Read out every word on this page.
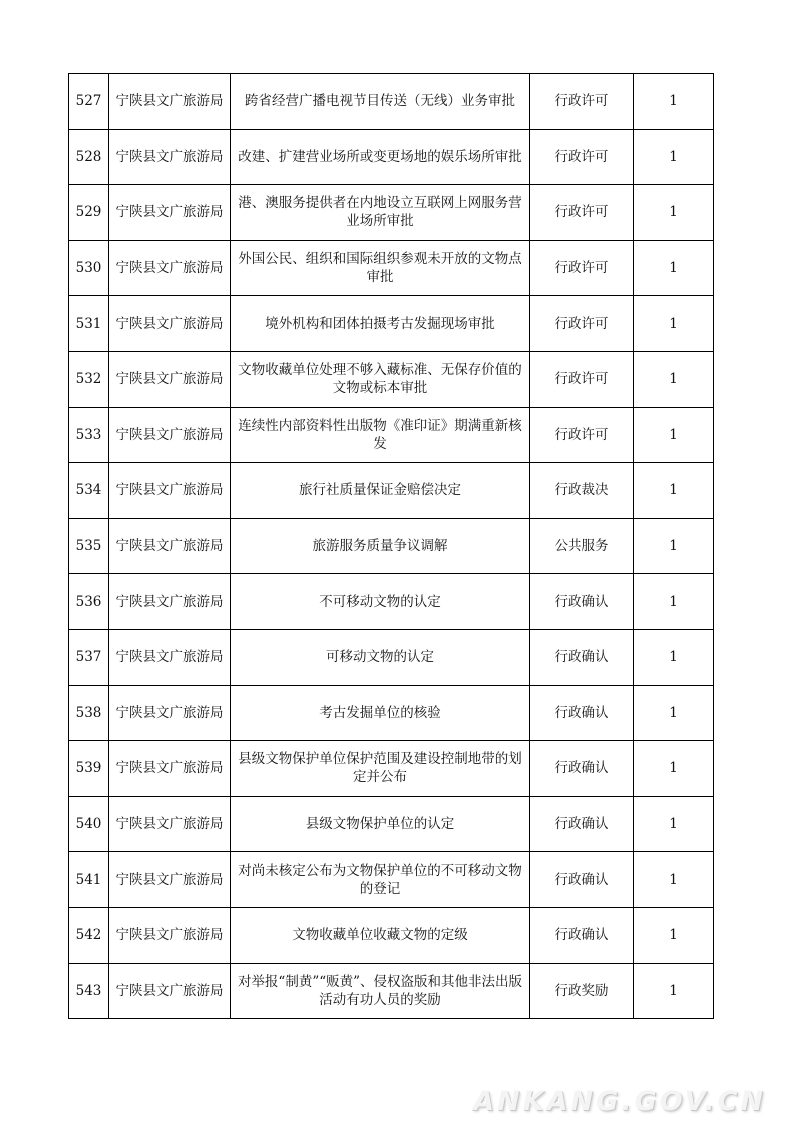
527	宁陕县文广旅游局	跨省经营广播电视节目传送（无线）业务审批	行政许可	1
528	宁陕县文广旅游局	改建、扩建营业场所或变更场地的娱乐场所审批	行政许可	1
529	宁陕县文广旅游局	港、澳服务提供者在内地设立互联网上网服务营业场所审批	行政许可	1
530	宁陕县文广旅游局	外国公民、组织和国际组织参观未开放的文物点审批	行政许可	1
531	宁陕县文广旅游局	境外机构和团体拍摄考古发掘现场审批	行政许可	1
532	宁陕县文广旅游局	文物收藏单位处理不够入藏标准、无保存价值的文物或标本审批	行政许可	1
533	宁陕县文广旅游局	连续性内部资料性出版物《准印证》期满重新核发	行政许可	1
534	宁陕县文广旅游局	旅行社质量保证金赔偿决定	行政裁决	1
535	宁陕县文广旅游局	旅游服务质量争议调解	公共服务	1
536	宁陕县文广旅游局	不可移动文物的认定	行政确认	1
537	宁陕县文广旅游局	可移动文物的认定	行政确认	1
538	宁陕县文广旅游局	考古发掘单位的核验	行政确认	1
539	宁陕县文广旅游局	县级文物保护单位保护范围及建设控制地带的划定并公布	行政确认	1
540	宁陕县文广旅游局	县级文物保护单位的认定	行政确认	1
541	宁陕县文广旅游局	对尚未核定公布为文物保护单位的不可移动文物的登记	行政确认	1
542	宁陕县文广旅游局	文物收藏单位收藏文物的定级	行政确认	1
543	宁陕县文广旅游局	对举报“制黄”“贩黄”、侵权盗版和其他非法出版活动有功人员的奖励	行政奖励	1
ANKANG.GOV.CN
